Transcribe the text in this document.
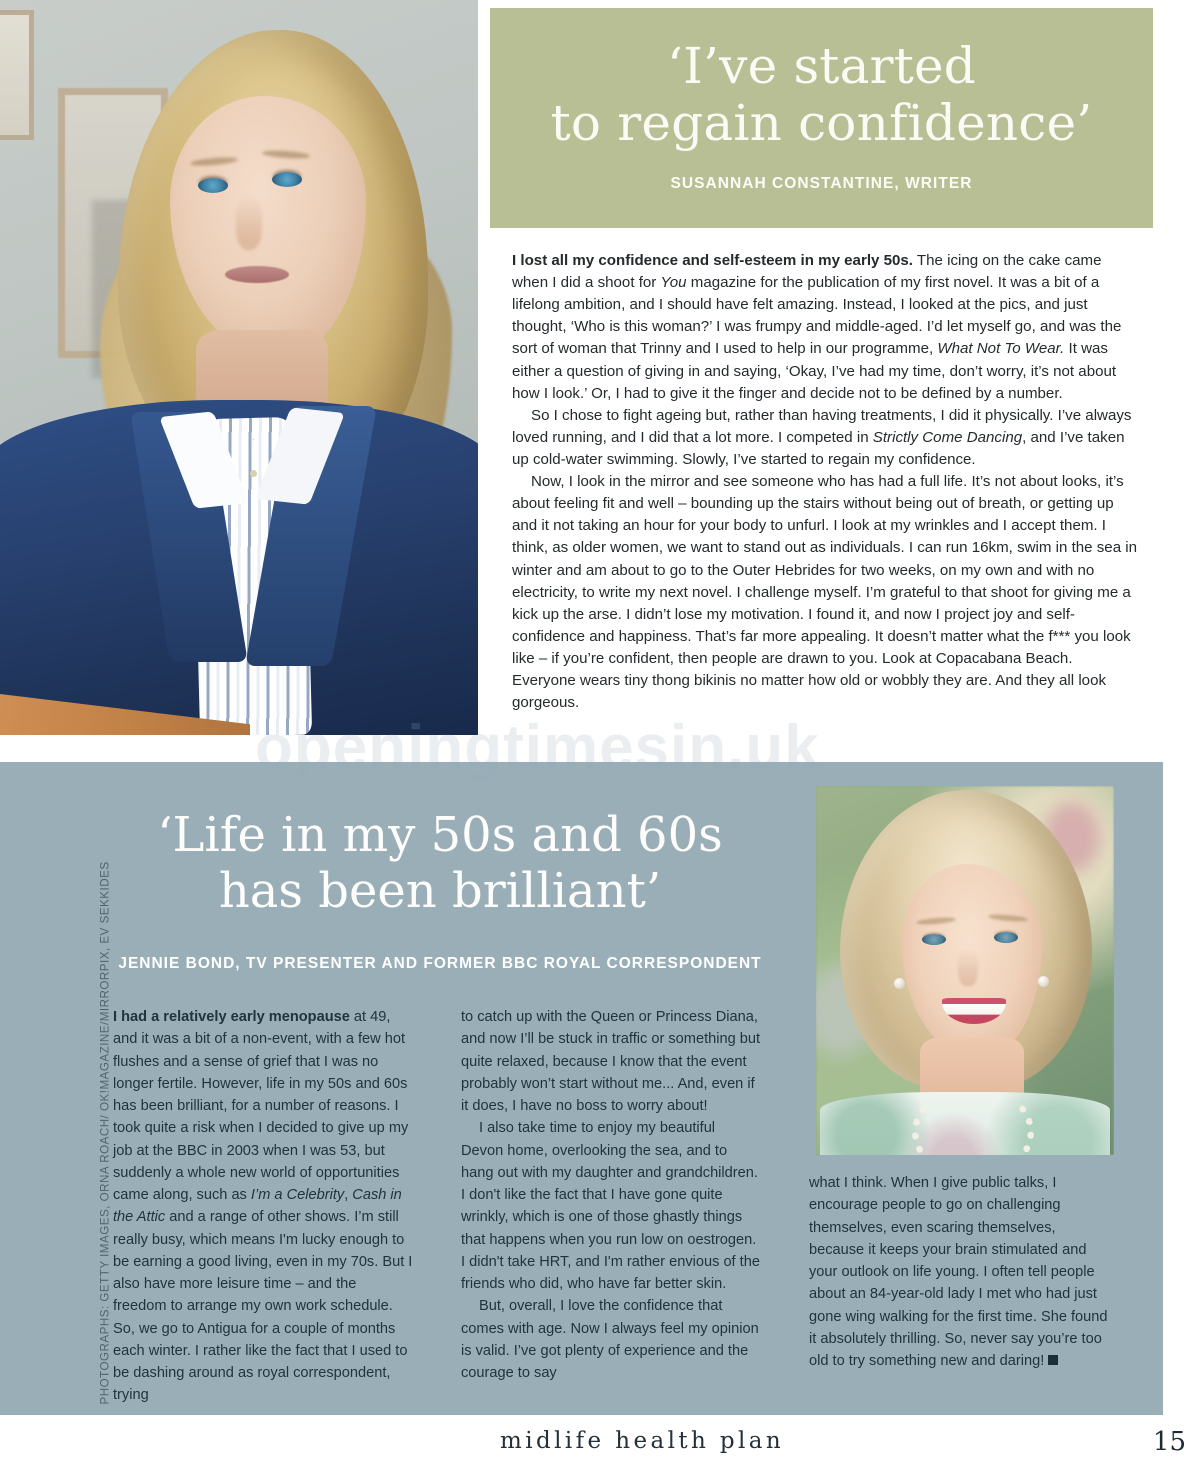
‘I’ve started
to regain confidence’
SUSANNAH CONSTANTINE, WRITER

I lost all my confidence and self-esteem in my early 50s. The icing on the cake came when I did a shoot for You magazine for the publication of my first novel. It was a bit of a lifelong ambition, and I should have felt amazing. Instead, I looked at the pics, and just thought, ‘Who is this woman?’ I was frumpy and middle-aged. I’d let myself go, and was the sort of woman that Trinny and I used to help in our programme, What Not To Wear. It was either a question of giving in and saying, ‘Okay, I’ve had my time, don’t worry, it’s not about how I look.’ Or, I had to give it the finger and decide not to be defined by a number.

So I chose to fight ageing but, rather than having treatments, I did it physically. I’ve always loved running, and I did that a lot more. I competed in Strictly Come Dancing, and I’ve taken up cold-water swimming. Slowly, I’ve started to regain my confidence.

Now, I look in the mirror and see someone who has had a full life. It’s not about looks, it’s about feeling fit and well – bounding up the stairs without being out of breath, or getting up and it not taking an hour for your body to unfurl. I look at my wrinkles and I accept them. I think, as older women, we want to stand out as individuals. I can run 16km, swim in the sea in winter and am about to go to the Outer Hebrides for two weeks, on my own and with no electricity, to write my next novel. I challenge myself. I’m grateful to that shoot for giving me a kick up the arse. I didn’t lose my motivation. I found it, and now I project joy and self-confidence and happiness. That’s far more appealing. It doesn’t matter what the f*** you look like – if you’re confident, then people are drawn to you. Look at Copacabana Beach. Everyone wears tiny thong bikinis no matter how old or wobbly they are. And they all look gorgeous.

openingtimesin.uk
‘Life in my 50s and 60s
has been brilliant’
JENNIE BOND, TV PRESENTER AND FORMER BBC ROYAL CORRESPONDENT

I had a relatively early menopause at 49, and it was a bit of a non-event, with a few hot flushes and a sense of grief that I was no longer fertile. However, life in my 50s and 60s has been brilliant, for a number of reasons. I took quite a risk when I decided to give up my job at the BBC in 2003 when I was 53, but suddenly a whole new world of opportunities came along, such as I’m a Celebrity, Cash in the Attic and a range of other shows. I’m still really busy, which means I'm lucky enough to be earning a good living, even in my 70s. But I also have more leisure time – and the freedom to arrange my own work schedule. So, we go to Antigua for a couple of months each winter. I rather like the fact that I used to be dashing around as royal correspondent, trying

to catch up with the Queen or Princess Diana, and now I’ll be stuck in traffic or something but quite relaxed, because I know that the event probably won’t start without me... And, even if it does, I have no boss to worry about!

I also take time to enjoy my beautiful Devon home, overlooking the sea, and to hang out with my daughter and grandchildren. I don't like the fact that I have gone quite wrinkly, which is one of those ghastly things that happens when you run low on oestrogen. I didn't take HRT, and I'm rather envious of the friends who did, who have far better skin.

But, overall, I love the confidence that comes with age. Now I always feel my opinion is valid. I’ve got plenty of experience and the courage to say

what I think. When I give public talks, I encourage people to go on challenging themselves, even scaring themselves, because it keeps your brain stimulated and your outlook on life young. I often tell people about an 84-year-old lady I met who had just gone wing walking for the first time. She found it absolutely thrilling. So, never say you’re too old to try something new and daring!

PHOTOGRAPHS: GETTY IMAGES, ORNA ROACH/ OK!MAGAZINE/MIRRORPIX, EV SEKKIDES
midlife health plan	15
